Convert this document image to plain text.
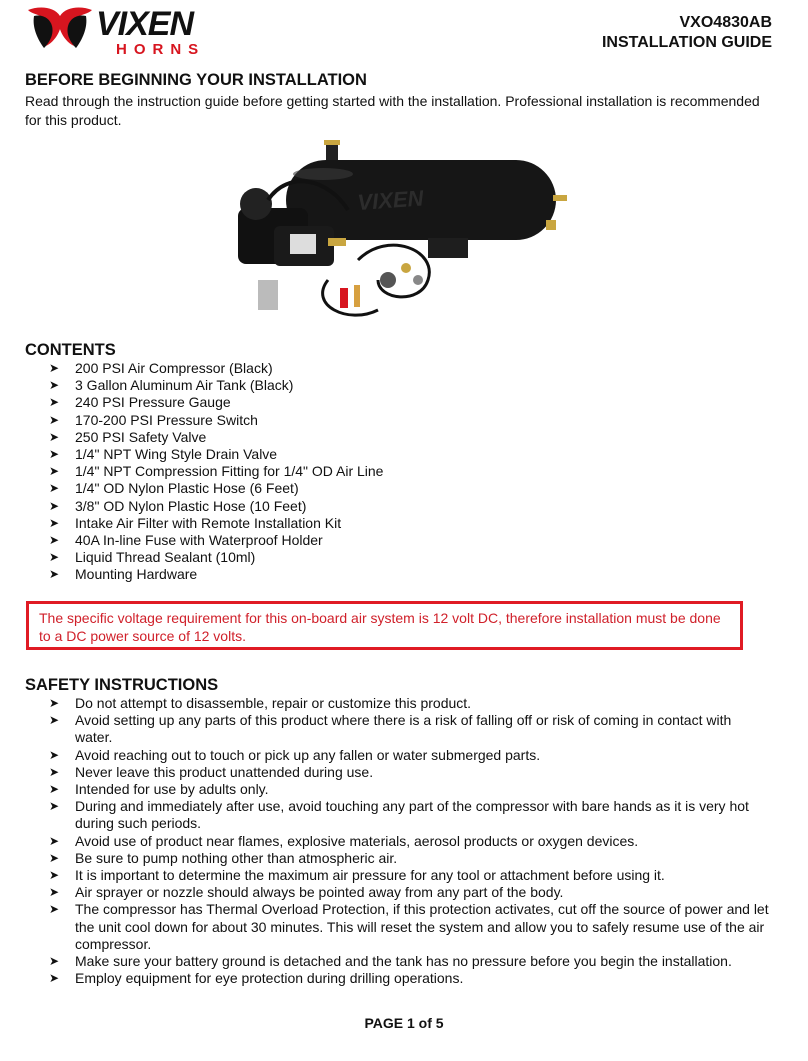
VIXEN
HORNS
VXO4830AB
INSTALLATION GUIDE
BEFORE BEGINNING YOUR INSTALLATION

Read through the instruction guide before getting started with the installation. Professional installation is recommended for this product.

VIXEN
CONTENTS
➤ 200 PSI Air Compressor (Black)
➤ 3 Gallon Aluminum Air Tank (Black)
➤ 240 PSI Pressure Gauge
➤ 170-200 PSI Pressure Switch
➤ 250 PSI Safety Valve
➤ 1/4" NPT Wing Style Drain Valve
➤ 1/4" NPT Compression Fitting for 1/4" OD Air Line
➤ 1/4" OD Nylon Plastic Hose (6 Feet)
➤ 3/8" OD Nylon Plastic Hose (10 Feet)
➤ Intake Air Filter with Remote Installation Kit
➤ 40A In-line Fuse with Waterproof Holder
➤ Liquid Thread Sealant (10ml)
➤ Mounting Hardware
The specific voltage requirement for this on-board air system is 12 volt DC, therefore installation must be done to a DC power source of 12 volts.
SAFETY INSTRUCTIONS
➤ Do not attempt to disassemble, repair or customize this product.
➤ Avoid setting up any parts of this product where there is a risk of falling off or risk of coming in contact with water.
➤ Avoid reaching out to touch or pick up any fallen or water submerged parts.
➤ Never leave this product unattended during use.
➤ Intended for use by adults only.
➤ During and immediately after use, avoid touching any part of the compressor with bare hands as it is very hot during such periods.
➤ Avoid use of product near flames, explosive materials, aerosol products or oxygen devices.
➤ Be sure to pump nothing other than atmospheric air.
➤ It is important to determine the maximum air pressure for any tool or attachment before using it.
➤ Air sprayer or nozzle should always be pointed away from any part of the body.
➤ The compressor has Thermal Overload Protection, if this protection activates, cut off the source of power and let the unit cool down for about 30 minutes. This will reset the system and allow you to safely resume use of the air compressor.
➤ Make sure your battery ground is detached and the tank has no pressure before you begin the installation.
➤ Employ equipment for eye protection during drilling operations.
PAGE 1 of 5
